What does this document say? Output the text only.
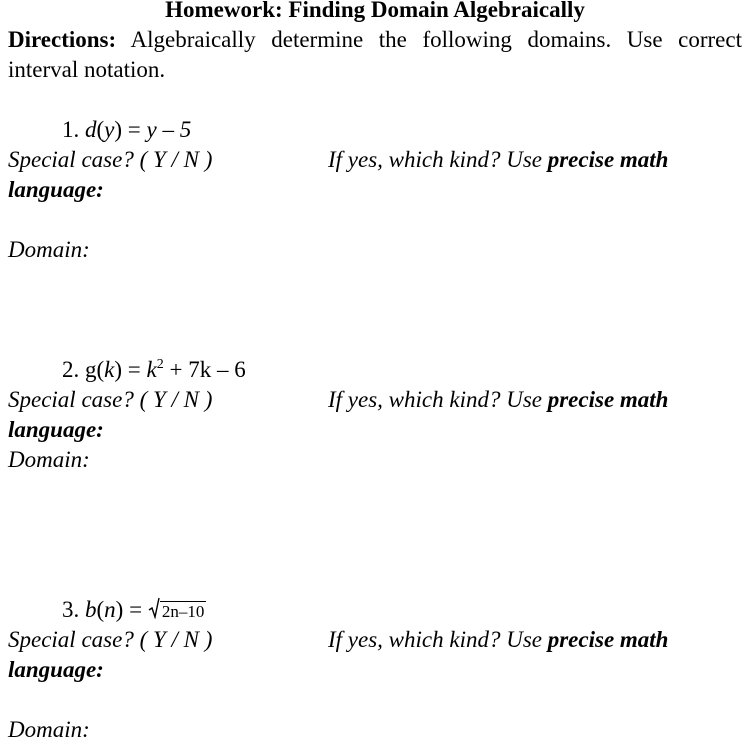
Homework: Finding Domain Algebraically

Directions: Algebraically determine the following domains. Use correct interval notation.

1. d(y) = y – 5
Special case? ( Y / N )	If yes, which kind? Use precise math
language:
Domain:
2. $g(k) = k^2 + 7k - 6$
Special case? ( Y / N )	If yes, which kind? Use precise math
language:
Domain:
3. b(n) = 2n–10
Special case? ( Y / N )	If yes, which kind? Use precise math
language:
Domain:
